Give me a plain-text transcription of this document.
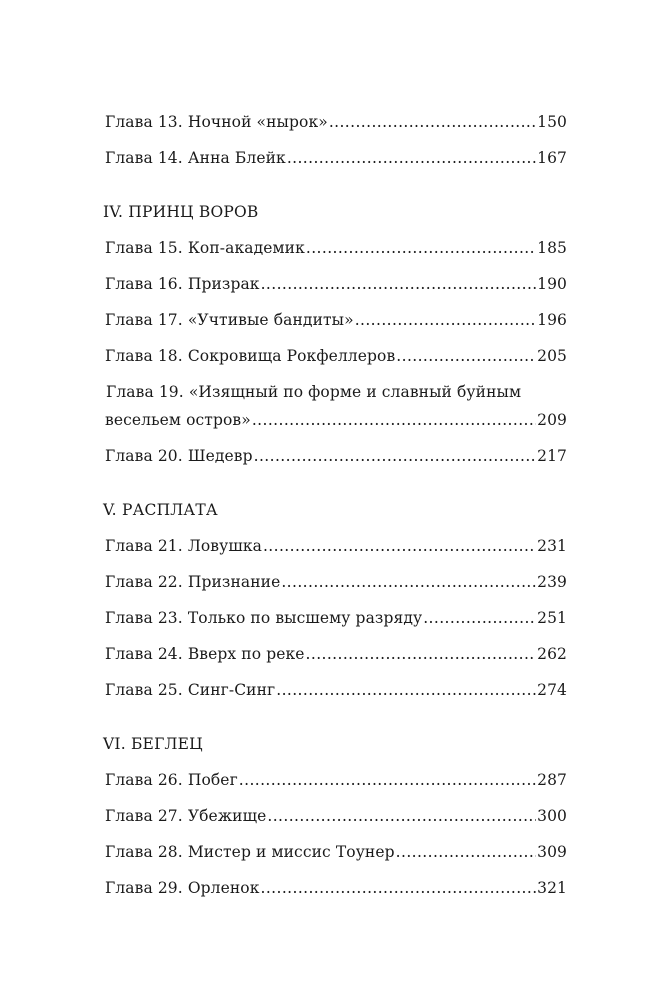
Глава 13. Ночной «нырок» .....	150
Глава 14. Анна Блейк .....	167
IV. ПРИНЦ ВОРОВ
Глава 15. Коп-академик .....	185
Глава 16. Призрак .....	190
Глава 17. «Учтивые бандиты» .....	196
Глава 18. Сокровища Рокфеллеров .....	205
Глава 19. «Изящный по форме и славный буйным
весельем остров» .....	209
Глава 20. Шедевр .....	217
V. РАСПЛАТА
Глава 21. Ловушка .....	231
Глава 22. Признание .....	239
Глава 23. Только по высшему разряду .....	251
Глава 24. Вверх по реке .....	262
Глава 25. Синг-Синг .....	274
VI. БЕГЛЕЦ
Глава 26. Побег .....	287
Глава 27. Убежище .....	300
Глава 28. Мистер и миссис Тоунер .....	309
Глава 29. Орленок .....	321
